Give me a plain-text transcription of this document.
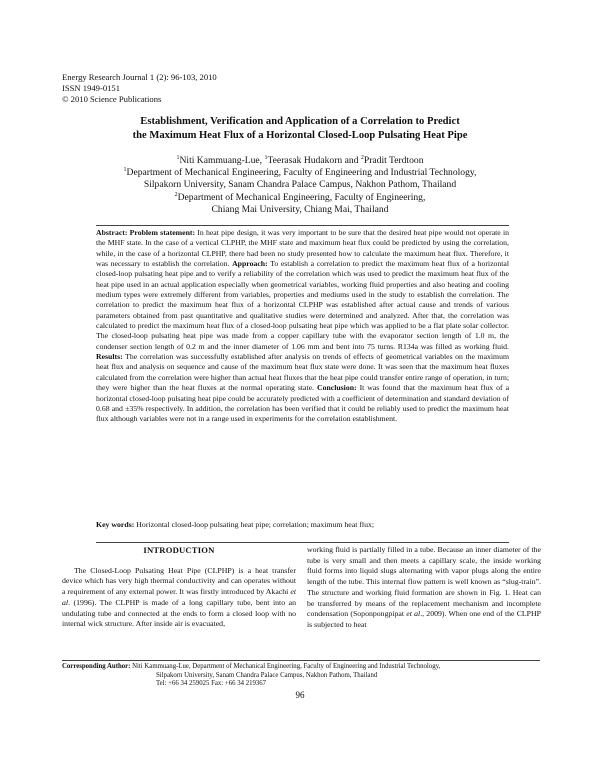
Energy Research Journal 1 (2): 96-103, 2010
ISSN 1949-0151
© 2010 Science Publications
Establishment, Verification and Application of a Correlation to Predict
the Maximum Heat Flux of a Horizontal Closed-Loop Pulsating Heat Pipe
$^1$Niti Kammuang-Lue, $^1$Teerasak Hudakorn and $^2$Pradit Terdtoon
$^1$Department of Mechanical Engineering, Faculty of Engineering and Industrial Technology,
Silpakorn University, Sanam Chandra Palace Campus, Nakhon Pathom, Thailand
$^2$Department of Mechanical Engineering, Faculty of Engineering,
Chiang Mai University, Chiang Mai, Thailand
Abstract: Problem statement: In heat pipe design, it was very important to be sure that the desired heat pipe would not operate in the MHF state. In the case of a vertical CLPHP, the MHF state and maximum heat flux could be predicted by using the correlation, while, in the case of a horizontal CLPHP, there had been no study presented how to calculate the maximum heat flux. Therefore, it was necessary to establish the correlation. Approach: To establish a correlation to predict the maximum heat flux of a horizontal closed-loop pulsating heat pipe and to verify a reliability of the correlation which was used to predict the maximum heat flux of the heat pipe used in an actual application especially when geometrical variables, working fluid properties and also heating and cooling medium types were extremely different from variables, properties and mediums used in the study to establish the correlation. The correlation to predict the maximum heat flux of a horizontal CLPHP was established after actual cause and trends of various parameters obtained from past quantitative and qualitative studies were determined and analyzed. After that, the correlation was calculated to predict the maximum heat flux of a closed-loop pulsating heat pipe which was applied to be a flat plate solar collector. The closed-loop pulsating heat pipe was made from a copper capillary tube with the evaporator section length of 1.0 m, the condenser section length of 0.2 m and the inner diameter of 1.06 mm and bent into 75 turns. R134a was filled as working fluid. Results: The correlation was successfully established after analysis on trends of effects of geometrical variables on the maximum heat flux and analysis on sequence and cause of the maximum heat flux state were done. It was seen that the maximum heat fluxes calculated from the correlation were higher than actual heat fluxes that the heat pipe could transfer entire range of operation, in turn; they were higher than the heat fluxes at the normal operating state. Conclusion: It was found that the maximum heat flux of a horizontal closed-loop pulsating heat pipe could be accurately predicted with a coefficient of determination and standard deviation of 0.68 and ±35% respectively. In addition, the correlation has been verified that it could be reliably used to predict the maximum heat flux although variables were not in a range used in experiments for the correlation establishment.
Key words: Horizontal closed-loop pulsating heat pipe; correlation; maximum heat flux;
INTRODUCTION

The Closed-Loop Pulsating Heat Pipe (CLPHP) is a heat transfer device which has very high thermal conductivity and can operates without a requirement of any external power. It was firstly introduced by Akachi et al. (1996). The CLPHP is made of a long capillary tube, bent into an undulating tube and connected at the ends to form a closed loop with no internal wick structure. After inside air is evacuated,

working fluid is partially filled in a tube. Because an inner diameter of the tube is very small and then meets a capillary scale, the inside working fluid forms into liquid slugs alternating with vapor plugs along the entire length of the tube. This internal flow pattern is well known as “slug-train”. The structure and working fluid formation are shown in Fig. 1. Heat can be transferred by means of the replacement mechanism and incomplete condensation (Soponpongpipat et al., 2009). When one end of the CLPHP is subjected to heat

Corresponding Author: Niti Kammuang-Lue, Department of Mechanical Engineering, Faculty of Engineering and Industrial Technology,
Silpakorn University, Sanam Chandra Palace Campus, Nakhon Pathom, Thailand
Tel: +66 34 259025 Fax: +66 34 219367
96
